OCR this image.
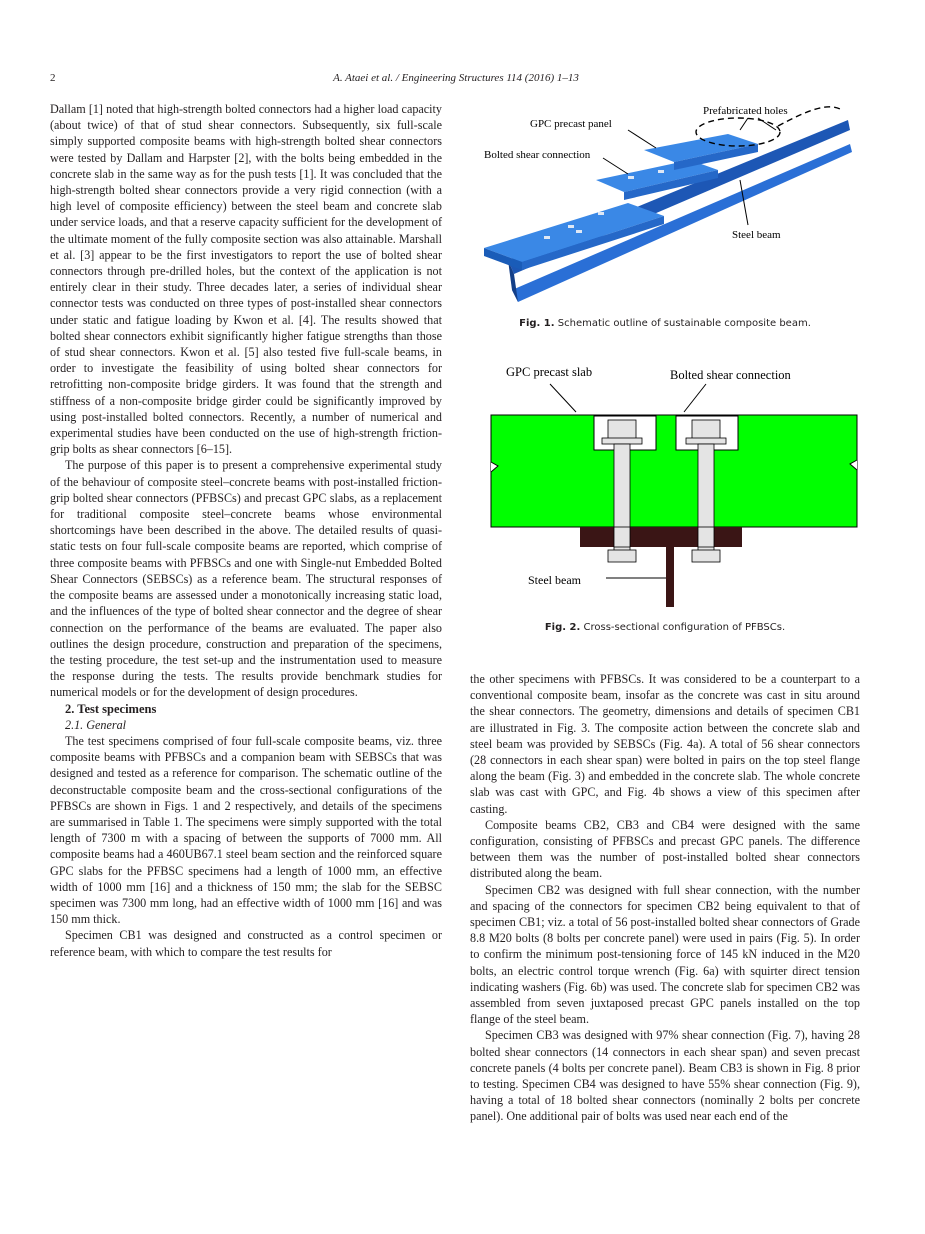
2	A. Ataei et al. / Engineering Structures 114 (2016) 1–13

Dallam [1] noted that high-strength bolted connectors had a higher load capacity (about twice) of that of stud shear connectors. Subsequently, six full-scale simply supported composite beams with high-strength bolted shear connectors were tested by Dallam and Harpster [2], with the bolts being embedded in the concrete slab in the same way as for the push tests [1]. It was concluded that the high-strength bolted shear connectors provide a very rigid connection (with a high level of composite efficiency) between the steel beam and concrete slab under service loads, and that a reserve capacity sufficient for the development of the ultimate moment of the fully composite section was also attainable. Marshall et al. [3] appear to be the first investigators to report the use of bolted shear connectors through pre-drilled holes, but the context of the application is not entirely clear in their study. Three decades later, a series of individual shear connector tests was conducted on three types of post-installed shear connectors under static and fatigue loading by Kwon et al. [4]. The results showed that bolted shear connectors exhibit significantly higher fatigue strengths than those of stud shear connectors. Kwon et al. [5] also tested five full-scale beams, in order to investigate the feasibility of using bolted shear connectors for retrofitting non-composite bridge girders. It was found that the strength and stiffness of a non-composite bridge girder could be significantly improved by using post-installed bolted connectors. Recently, a number of numerical and experimental studies have been conducted on the use of high-strength friction-grip bolts as shear connectors [6–15].

The purpose of this paper is to present a comprehensive experimental study of the behaviour of composite steel–concrete beams with post-installed friction-grip bolted shear connectors (PFBSCs) and precast GPC slabs, as a replacement for traditional composite steel–concrete beams whose environmental shortcomings have been described in the above. The detailed results of quasi-static tests on four full-scale composite beams are reported, which comprise of three composite beams with PFBSCs and one with Single-nut Embedded Bolted Shear Connectors (SEBSCs) as a reference beam. The structural responses of the composite beams are assessed under a monotonically increasing static load, and the influences of the type of bolted shear connector and the degree of shear connection on the performance of the beams are evaluated. The paper also outlines the design procedure, construction and preparation of the specimens, the testing procedure, the test set-up and the instrumentation used to measure the response during the tests. The results provide benchmark studies for numerical models or for the development of design procedures.

2. Test specimens

2.1. General

The test specimens comprised of four full-scale composite beams, viz. three composite beams with PFBSCs and a companion beam with SEBSCs that was designed and tested as a reference for comparison. The schematic outline of the deconstructable composite beam and the cross-sectional configurations of the PFBSCs are shown in Figs. 1 and 2 respectively, and details of the specimens are summarised in Table 1. The specimens were simply supported with the total length of 7300 m with a spacing of between the supports of 7000 mm. All composite beams had a 460UB67.1 steel beam section and the reinforced square GPC slabs for the PFBSC specimens had a length of 1000 mm, an effective width of 1000 mm [16] and a thickness of 150 mm; the slab for the SEBSC specimen was 7300 mm long, had an effective width of 1000 mm [16] and was 150 mm thick.

Specimen CB1 was designed and constructed as a control specimen or reference beam, with which to compare the test results for

the other specimens with PFBSCs. It was considered to be a counterpart to a conventional composite beam, insofar as the concrete was cast in situ around the shear connectors. The geometry, dimensions and details of specimen CB1 are illustrated in Fig. 3. The composite action between the concrete slab and steel beam was provided by SEBSCs (Fig. 4a). A total of 56 shear connectors (28 connectors in each shear span) were bolted in pairs on the top steel flange along the beam (Fig. 3) and embedded in the concrete slab. The whole concrete slab was cast with GPC, and Fig. 4b shows a view of this specimen after casting.

Composite beams CB2, CB3 and CB4 were designed with the same configuration, consisting of PFBSCs and precast GPC panels. The difference between them was the number of post-installed bolted shear connectors distributed along the beam.

Specimen CB2 was designed with full shear connection, with the number and spacing of the connectors for specimen CB2 being equivalent to that of specimen CB1; viz. a total of 56 post-installed bolted shear connectors of Grade 8.8 M20 bolts (8 bolts per concrete panel) were used in pairs (Fig. 5). In order to confirm the minimum post-tensioning force of 145 kN induced in the M20 bolts, an electric control torque wrench (Fig. 6a) with squirter direct tension indicating washers (Fig. 6b) was used. The concrete slab for specimen CB2 was assembled from seven juxtaposed precast GPC panels installed on the top flange of the steel beam.

Specimen CB3 was designed with 97% shear connection (Fig. 7), having 28 bolted shear connectors (14 connectors in each shear span) and seven precast concrete panels (4 bolts per concrete panel). Beam CB3 is shown in Fig. 8 prior to testing. Specimen CB4 was designed to have 55% shear connection (Fig. 9), having a total of 18 bolted shear connectors (nominally 2 bolts per concrete panel). One additional pair of bolts was used near each end of the

GPC precast panel
Bolted shear connection
Prefabricated holes
Steel beam
Fig. 1. Schematic outline of sustainable composite beam.
GPC precast slab	Bolted shear connection
Steel beam
Fig. 2. Cross-sectional configuration of PFBSCs.
